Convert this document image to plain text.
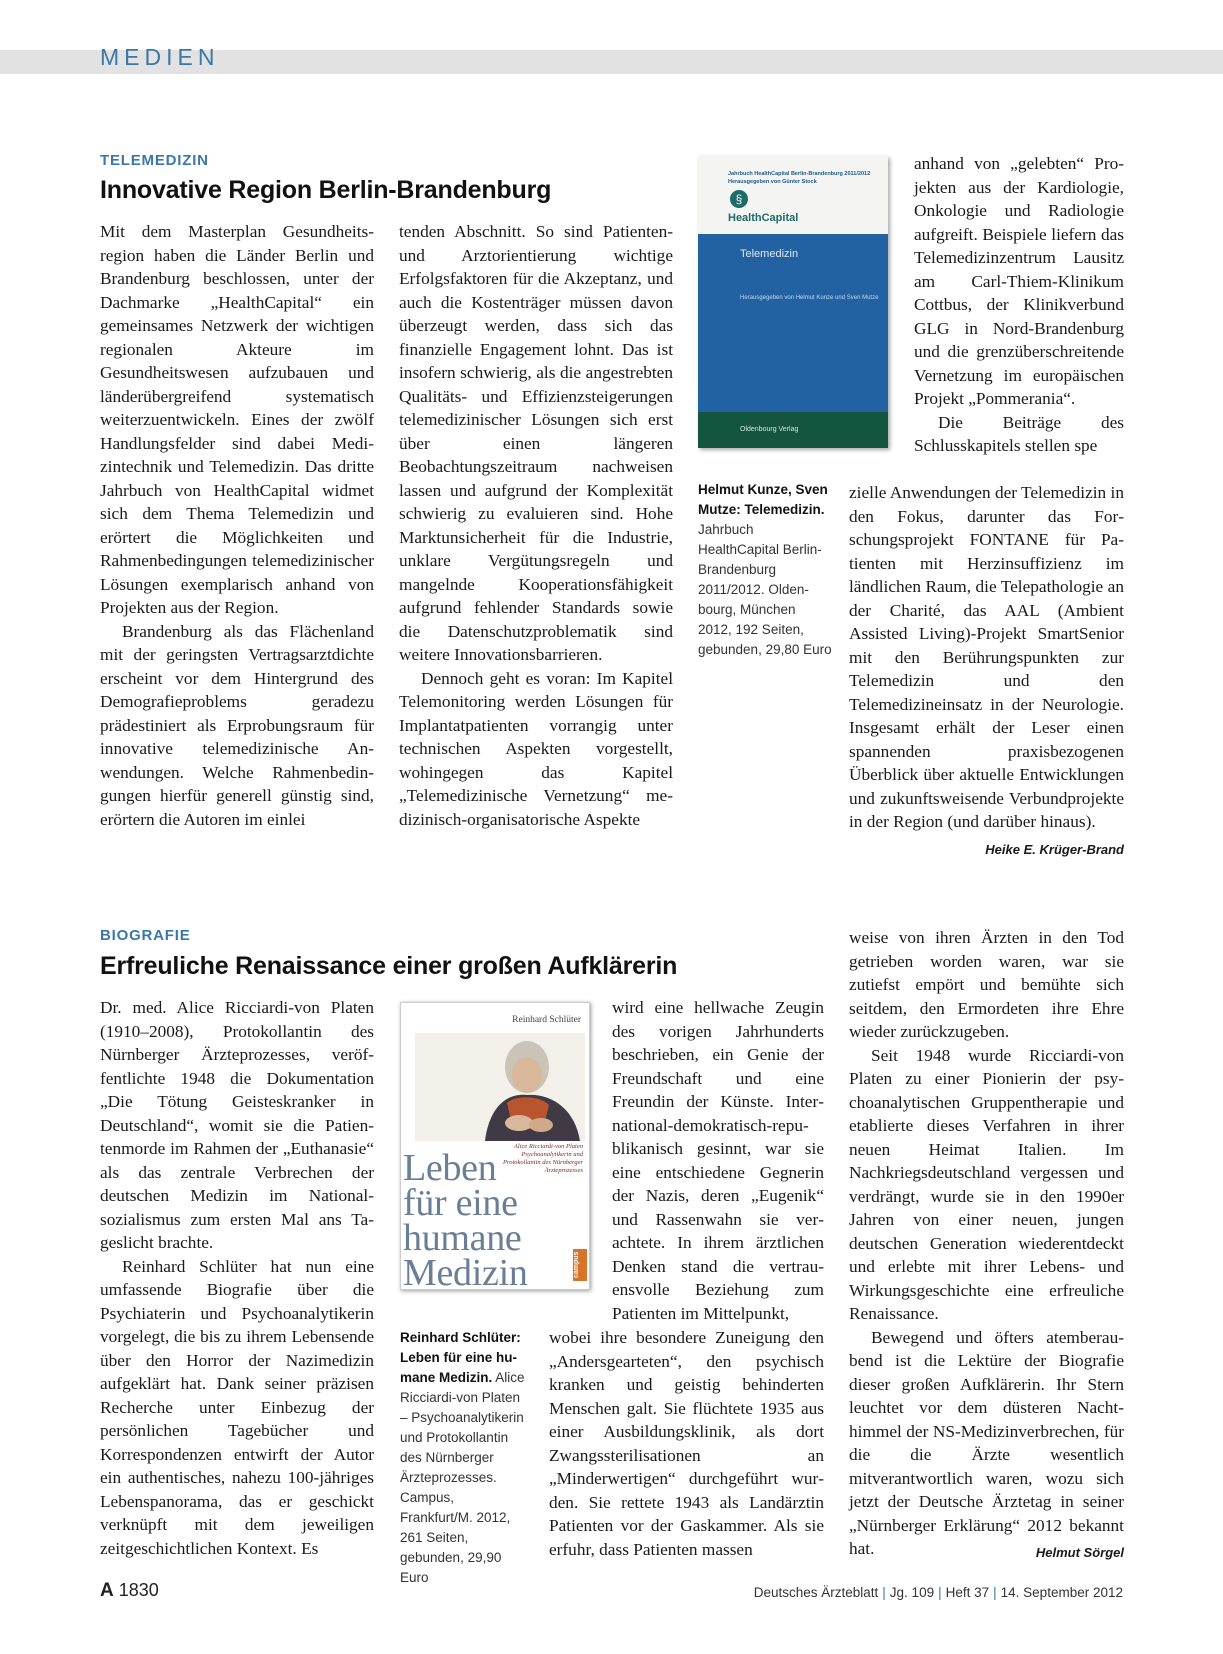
MEDIEN
TELEMEDIZIN
Innovative Region Berlin-Brandenburg

Mit dem Masterplan Gesundheitsregion haben die Länder Berlin und Brandenburg beschlossen, unter der Dachmarke „HealthCapital“ ein gemeinsames Netzwerk der wichtigen regionalen Akteure im Gesundheitswesen aufzubauen und länderübergreifend systematisch weiterzuentwickeln. Eines der zwölf Handlungsfelder sind dabei Medizintechnik und Telemedizin. Das dritte Jahrbuch von HealthCapital widmet sich dem Thema Telemedizin und erörtert die Möglichkeiten und Rahmenbedingungen telemedizinischer Lösungen exemplarisch anhand von Projekten aus der Region.

Brandenburg als das Flächenland mit der geringsten Vertragsarztdichte erscheint vor dem Hintergrund des Demografieproblems geradezu prädestiniert als Erprobungsraum für innovative telemedizinische Anwendungen. Welche Rahmenbedingungen hierfür generell günstig sind, erörtern die Autoren im einlei

tenden Abschnitt. So sind Patienten- und Arztorientierung wichtige Erfolgsfaktoren für die Akzeptanz, und auch die Kostenträger müssen davon überzeugt werden, dass sich das finanzielle Engagement lohnt. Das ist insofern schwierig, als die angestrebten Qualitäts- und Effizienzsteigerungen telemedizinischer Lösungen sich erst über einen längeren Beobachtungszeitraum nachweisen lassen und aufgrund der Komplexität schwierig zu evaluieren sind. Hohe Marktunsicherheit für die Industrie, unklare Vergütungsregeln und mangelnde Kooperationsfähigkeit aufgrund fehlender Standards sowie die Datenschutzproblematik sind weitere Innovationsbarrieren.

Dennoch geht es voran: Im Kapitel Telemonitoring werden Lösungen für Implantatpatienten vorrangig unter technischen Aspekten vorgestellt, wohingegen das Kapitel „Telemedizinische Vernetzung“ medizinisch-organisatorische Aspekte

Jahrbuch HealthCapital Berlin-Brandenburg 2011/2012 Herausgegeben von Günter Stock
§
HealthCapital
Telemedizin
Herausgegeben von Helmut Kunze und Sven Mutze
Oldenbourg Verlag
Helmut Kunze, Sven Mutze: Telemedizin. Jahrbuch HealthCapital Berlin-Brandenburg 2011/2012. Oldenbourg, München 2012, 192 Seiten, gebunden, 29,80 Euro

anhand von „gelebten“ Projekten aus der Kardiologie, Onkologie und Radiologie aufgreift. Beispiele liefern das Telemedizinzentrum Lausitz am Carl-Thiem-Klinikum Cottbus, der Klinikverbund GLG in Nord-Brandenburg und die grenzüberschreitende Vernetzung im europäischen Projekt „Pommerania“.

Die Beiträge des Schlusskapitels stellen spe

zielle Anwendungen der Telemedizin in den Fokus, darunter das Forschungsprojekt FONTANE für Patienten mit Herzinsuffizienz im ländlichen Raum, die Telepathologie an der Charité, das AAL (Ambient Assisted Living)-Projekt SmartSenior mit den Berührungspunkten zur Telemedizin und den Telemedizineinsatz in der Neurologie. Insgesamt erhält der Leser einen spannenden praxisbezogenen Überblick über aktuelle Entwicklungen und zukunftsweisende Verbundprojekte in der Region (und darüber hinaus).
Heike E. Krüger-Brand

BIOGRAFIE
Erfreuliche Renaissance einer großen Aufklärerin

Dr. med. Alice Ricciardi-von Platen (1910–2008), Protokollantin des Nürnberger Ärzteprozesses, veröffentlichte 1948 die Dokumentation „Die Tötung Geisteskranker in Deutschland“, womit sie die Patientenmorde im Rahmen der „Euthanasie“ als das zentrale Verbrechen der deutschen Medizin im Nationalsozialismus zum ersten Mal ans Tageslicht brachte.

Reinhard Schlüter hat nun eine umfassende Biografie über die Psychiaterin und Psychoanalytikerin vorgelegt, die bis zu ihrem Lebensende über den Horror der Nazimedizin aufgeklärt hat. Dank seiner präzisen Recherche unter Einbezug der persönlichen Tagebücher und Korrespondenzen entwirft der Autor ein authentisches, nahezu 100-jähriges Lebenspanorama, das er geschickt verknüpft mit dem jeweiligen zeitgeschichtlichen Kontext. Es

Reinhard Schlüter
Alice Ricciardi-von Platen Psychoanalytikerin und Protokollantin des Nürnberger Ärzteprozesses
Leben
für eine
humane
Medizin	campus
Reinhard Schlüter: Leben für eine humane Medizin. Alice Ricciardi-von Platen – Psychoanalytikerin und Protokollantin des Nürnberger Ärzteprozesses. Campus, Frankfurt/M. 2012, 261 Seiten, gebunden, 29,90 Euro

wird eine hellwache Zeugin des vorigen Jahrhunderts beschrieben, ein Genie der Freundschaft und eine Freundin der Künste. International-demokratisch-republikanisch gesinnt, war sie eine entschiedene Gegnerin der Nazis, deren „Eugenik“ und Rassenwahn sie verachtete. In ihrem ärztlichen Denken stand die vertrauensvolle Beziehung zum Patienten im Mittelpunkt,

wobei ihre besondere Zuneigung den „Andersgearteten“, den psychisch kranken und geistig behinderten Menschen galt. Sie flüchtete 1935 aus einer Ausbildungsklinik, als dort Zwangssterilisationen an „Minderwertigen“ durchgeführt wurden. Sie rettete 1943 als Landärztin Patienten vor der Gaskammer. Als sie erfuhr, dass Patienten massen

weise von ihren Ärzten in den Tod getrieben worden waren, war sie zutiefst empört und bemühte sich seitdem, den Ermordeten ihre Ehre wieder zurückzugeben.

Seit 1948 wurde Ricciardi-von Platen zu einer Pionierin der psychoanalytischen Gruppentherapie und etablierte dieses Verfahren in ihrer neuen Heimat Italien. Im Nachkriegsdeutschland vergessen und verdrängt, wurde sie in den 1990er Jahren von einer neuen, jungen deutschen Generation wiederentdeckt und erlebte mit ihrer Lebens- und Wirkungsgeschichte eine erfreuliche Renaissance.

Bewegend und öfters atemberaubend ist die Lektüre der Biografie dieser großen Aufklärerin. Ihr Stern leuchtet vor dem düsteren Nachthimmel der NS-Medizinverbrechen, für die die Ärzte wesentlich mitverantwortlich waren, wozu sich jetzt der Deutsche Ärztetag in seiner „Nürnberger Erklärung“ 2012 bekannt hat.	Helmut Sörgel

A 1830	Deutsches Ärzteblatt | Jg. 109 | Heft 37 | 14. September 2012
